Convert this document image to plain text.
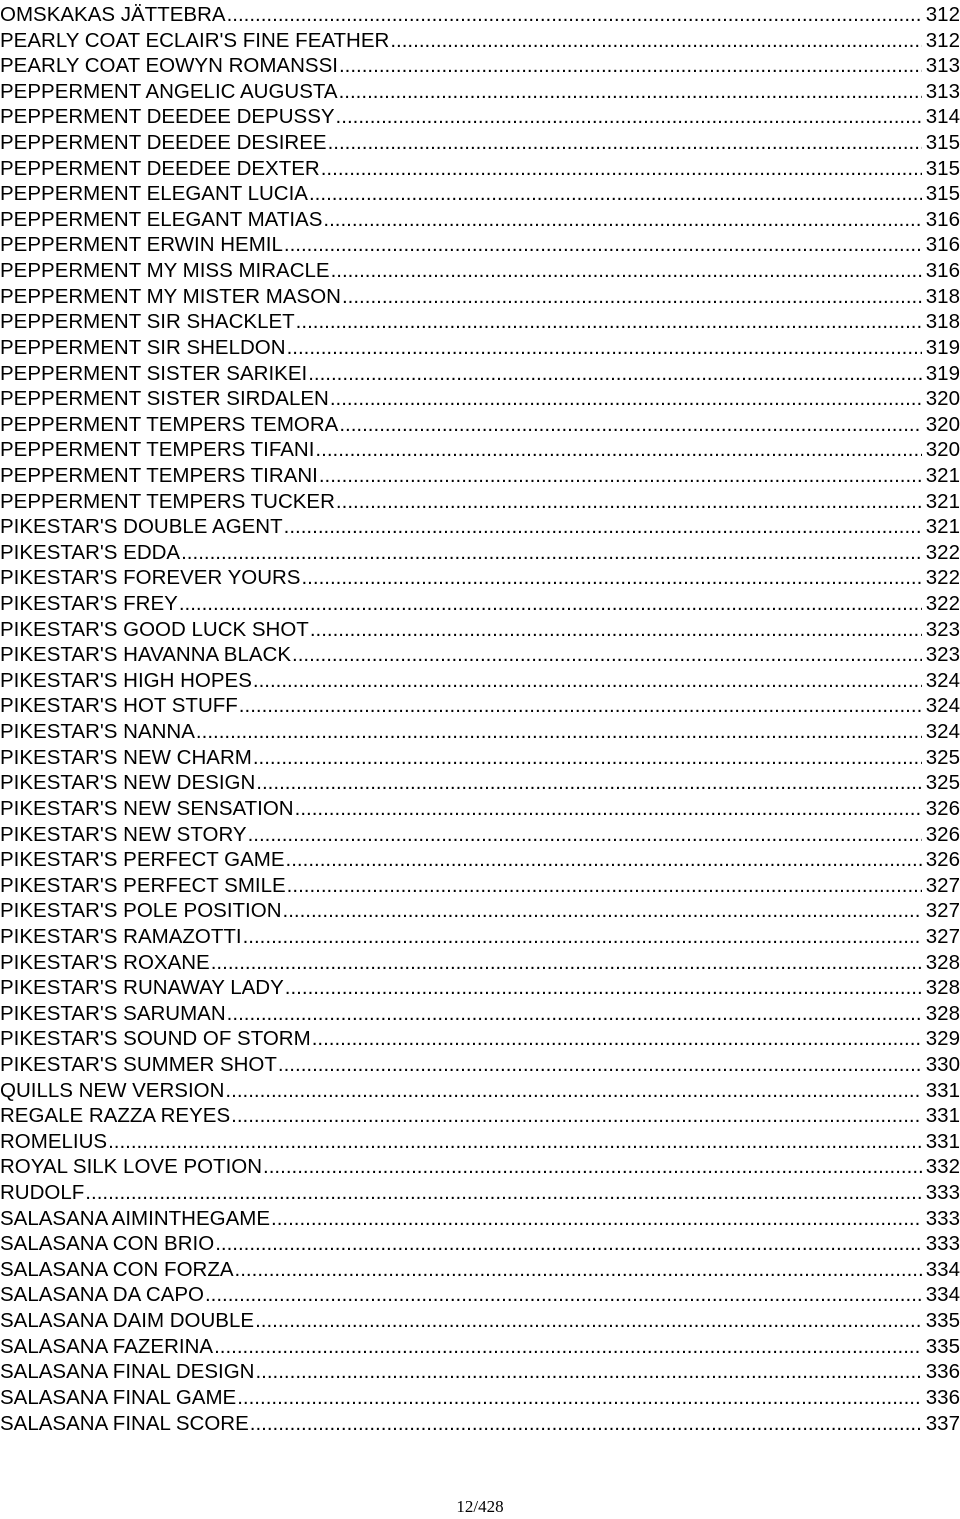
OMSKAKAS JÄTTEBRA .....	312
PEARLY COAT ECLAIR'S FINE FEATHER .....	312
PEARLY COAT EOWYN ROMANSSI .....	313
PEPPERMENT ANGELIC AUGUSTA .....	313
PEPPERMENT DEEDEE DEPUSSY .....	314
PEPPERMENT DEEDEE DESIREE .....	315
PEPPERMENT DEEDEE DEXTER .....	315
PEPPERMENT ELEGANT LUCIA .....	315
PEPPERMENT ELEGANT MATIAS .....	316
PEPPERMENT ERWIN HEMIL .....	316
PEPPERMENT MY MISS MIRACLE .....	316
PEPPERMENT MY MISTER MASON .....	318
PEPPERMENT SIR SHACKLET .....	318
PEPPERMENT SIR SHELDON .....	319
PEPPERMENT SISTER SARIKEI .....	319
PEPPERMENT SISTER SIRDALEN .....	320
PEPPERMENT TEMPERS TEMORA .....	320
PEPPERMENT TEMPERS TIFANI .....	320
PEPPERMENT TEMPERS TIRANI .....	321
PEPPERMENT TEMPERS TUCKER .....	321
PIKESTAR'S DOUBLE AGENT .....	321
PIKESTAR'S EDDA .....	322
PIKESTAR'S FOREVER YOURS .....	322
PIKESTAR'S FREY .....	322
PIKESTAR'S GOOD LUCK SHOT .....	323
PIKESTAR'S HAVANNA BLACK .....	323
PIKESTAR'S HIGH HOPES .....	324
PIKESTAR'S HOT STUFF .....	324
PIKESTAR'S NANNA .....	324
PIKESTAR'S NEW CHARM .....	325
PIKESTAR'S NEW DESIGN .....	325
PIKESTAR'S NEW SENSATION .....	326
PIKESTAR'S NEW STORY .....	326
PIKESTAR'S PERFECT GAME .....	326
PIKESTAR'S PERFECT SMILE .....	327
PIKESTAR'S POLE POSITION .....	327
PIKESTAR'S RAMAZOTTI .....	327
PIKESTAR'S ROXANE .....	328
PIKESTAR'S RUNAWAY LADY .....	328
PIKESTAR'S SARUMAN .....	328
PIKESTAR'S SOUND OF STORM .....	329
PIKESTAR'S SUMMER SHOT .....	330
QUILLS NEW VERSION .....	331
REGALE RAZZA REYES .....	331
ROMELIUS .....	331
ROYAL SILK LOVE POTION .....	332
RUDOLF .....	333
SALASANA AIMINTHEGAME .....	333
SALASANA CON BRIO .....	333
SALASANA CON FORZA .....	334
SALASANA DA CAPO .....	334
SALASANA DAIM DOUBLE .....	335
SALASANA FAZERINA .....	335
SALASANA FINAL DESIGN .....	336
SALASANA FINAL GAME .....	336
SALASANA FINAL SCORE .....	337
12/428
